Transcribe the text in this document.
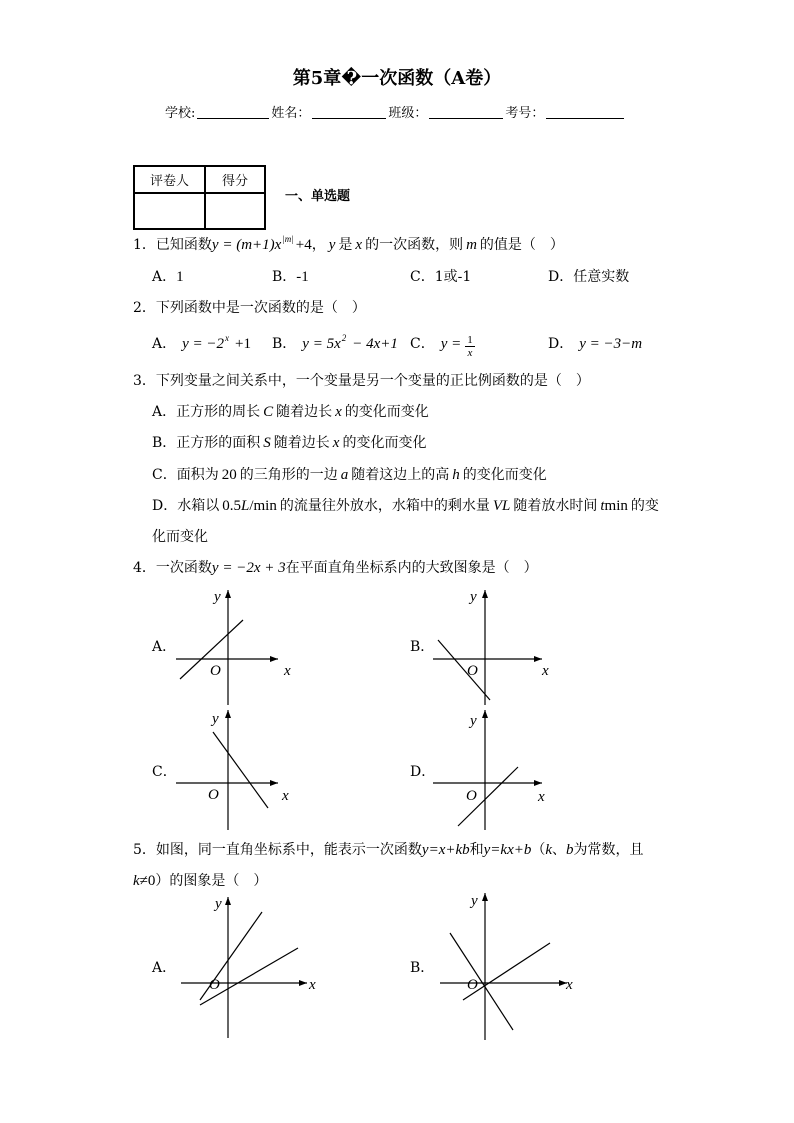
第5章�一次函数（A卷）
学校:	姓名：	班级：	考号：
评卷人	得分

一、单选题
1． 已知函数 y = (m+1)x |m| +4 ， y 是 x 的一次函数，则 m 的值是（　）
A． 1	B． -1	C． 1或-1	D． 任意实数
2． 下列函数中是一次函数的是（　）
A． y = −2 x +1 B． y = 5x 2 − 4x+1 C． $y = \frac{1}{x}$	D． y = −3−m
3． 下列变量之间关系中，一个变量是另一个变量的正比例函数的是（　）
A． 正方形的周长 C 随着边长 x 的变化而变化
B． 正方形的面积 S 随着边长 x 的变化而变化
C． 面积为 20 的三角形的一边 a 随着这边上的高 h 的变化而变化
D． 水箱以 0.5 L /min 的流量往外放水，水箱中的剩水量 VL 随着放水时间 t min 的变
化而变化
4． 一次函数 y = −2x + 3 在平面直角坐标系内的大致图象是（　）
A．
y
O	x
B．
y
O	x
C．
y
O	x
D．
y
O	x
5． 如图，同一直角坐标系中，能表示一次函数 y=x+kb 和 y=kx+b （ k 、 b 为常数，且
k ≠0 ）的图象是（　）
A．
y
O	x
B．
y
O	x
